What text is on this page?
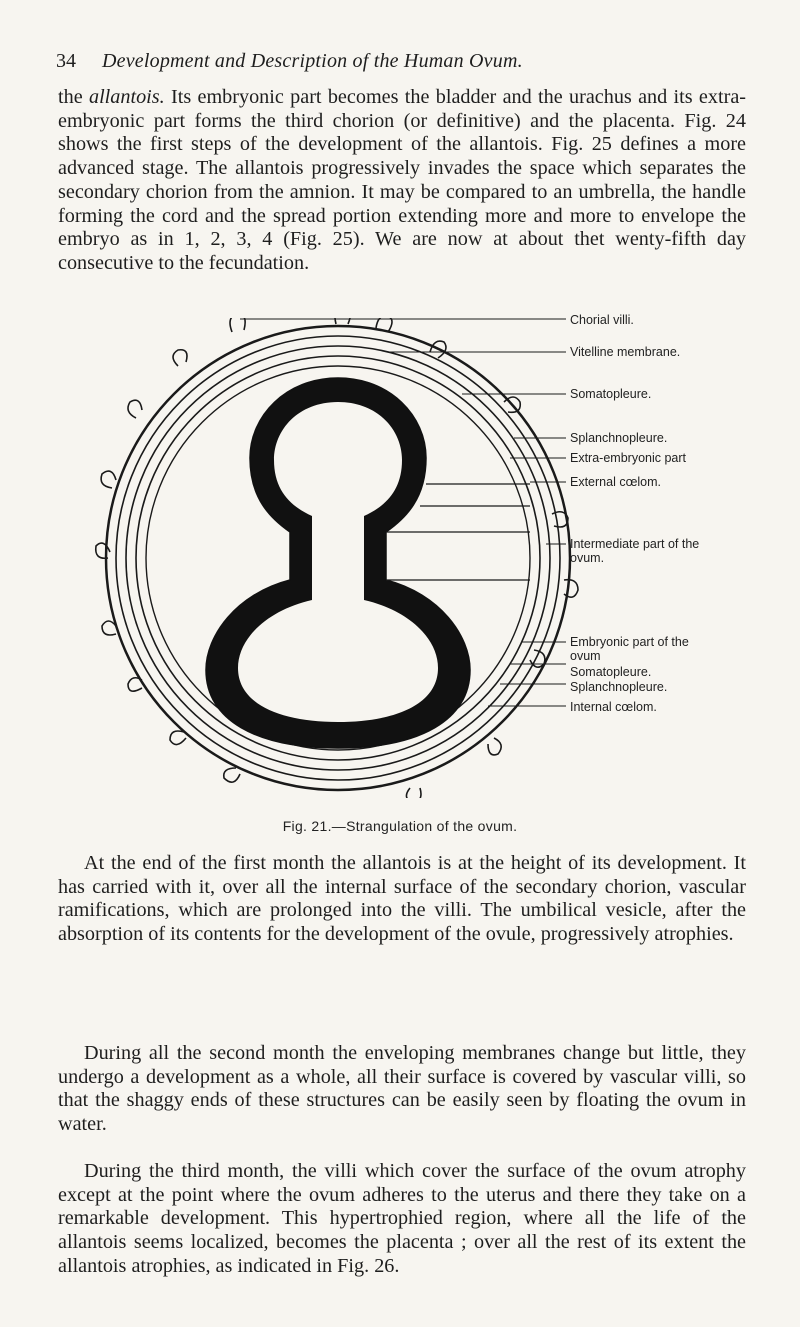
34 Development and Description of the Human Ovum.

the allantois. Its embryonic part becomes the bladder and the urachus and its extra-embryonic part forms the third chorion (or definitive) and the placenta. Fig. 24 shows the first steps of the development of the allantois. Fig. 25 defines a more advanced stage. The allantois progressively invades the space which separates the secondary chorion from the amnion. It may be compared to an umbrella, the handle forming the cord and the spread portion extending more and more to envelope the embryo as in 1, 2, 3, 4 (Fig. 25). We are now at about thet wenty-fifth day consecutive to the fecundation.

Chorial villi.
Vitelline membrane.
Somatopleure.
Splanchnopleure.
Extra-embryonic part
External cœlom.
Intermediate part of the ovum.
Embryonic part of the ovum
Somatopleure.
Splanchnopleure.
Internal cœlom.
Fig. 21.—Strangulation of the ovum.

At the end of the first month the allantois is at the height of its development. It has carried with it, over all the internal surface of the secondary chorion, vascular ramifications, which are prolonged into the villi. The umbilical vesicle, after the absorption of its contents for the development of the ovule, progressively atrophies.

During all the second month the enveloping membranes change but little, they undergo a development as a whole, all their surface is covered by vascular villi, so that the shaggy ends of these structures can be easily seen by floating the ovum in water.

During the third month, the villi which cover the surface of the ovum atrophy except at the point where the ovum adheres to the uterus and there they take on a remarkable development. This hypertrophied region, where all the life of the allantois seems localized, becomes the placenta ; over all the rest of its extent the allantois atrophies, as indicated in Fig. 26.
